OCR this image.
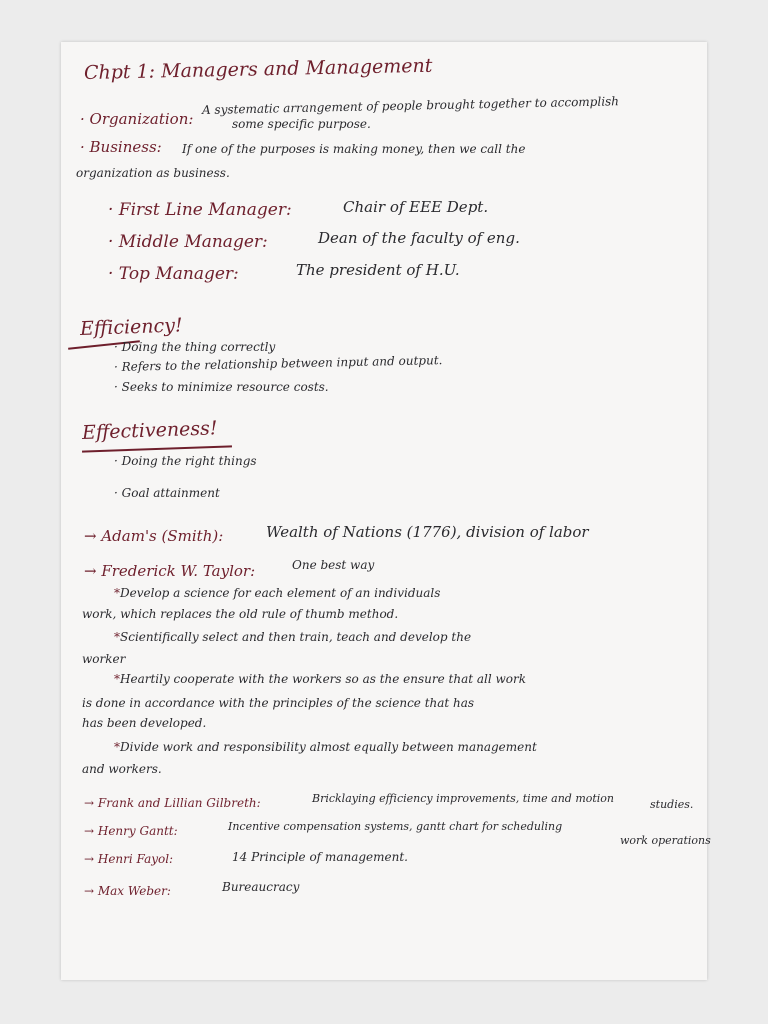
Chpt 1: Managers and Management
· Organization:
A systematic arrangement of people brought together to accomplish
some specific purpose.
· Business: If one of the purposes is making money, then we call the
organization as business.
· First Line Manager:	Chair of EEE Dept.
· Middle Manager:	Dean of the faculty of eng.
· Top Manager:	The president of H.U.
Efficiency!
· Doing the thing correctly
· Refers to the relationship between input and output.
· Seeks to minimize resource costs.
Effectiveness!
· Doing the right things
· Goal attainment
→ Adam's (Smith):	Wealth of Nations (1776), division of labor
→ Frederick W. Taylor:	One best way
*Develop a science for each element of an individuals
work, which replaces the old rule of thumb method.
*Scientifically select and then train, teach and develop the
worker
*Heartily cooperate with the workers so as the ensure that all work
is done in accordance with the principles of the science that has
has been developed.
*Divide work and responsibility almost equally between management
and workers.
→ Frank and Lillian Gilbreth:	Bricklaying efficiency improvements, time and motion	studies.
→ Henry Gantt:	Incentive compensation systems, gantt chart for scheduling
work operations
→ Henri Fayol:	14 Principle of management.
→ Max Weber:	Bureaucracy
